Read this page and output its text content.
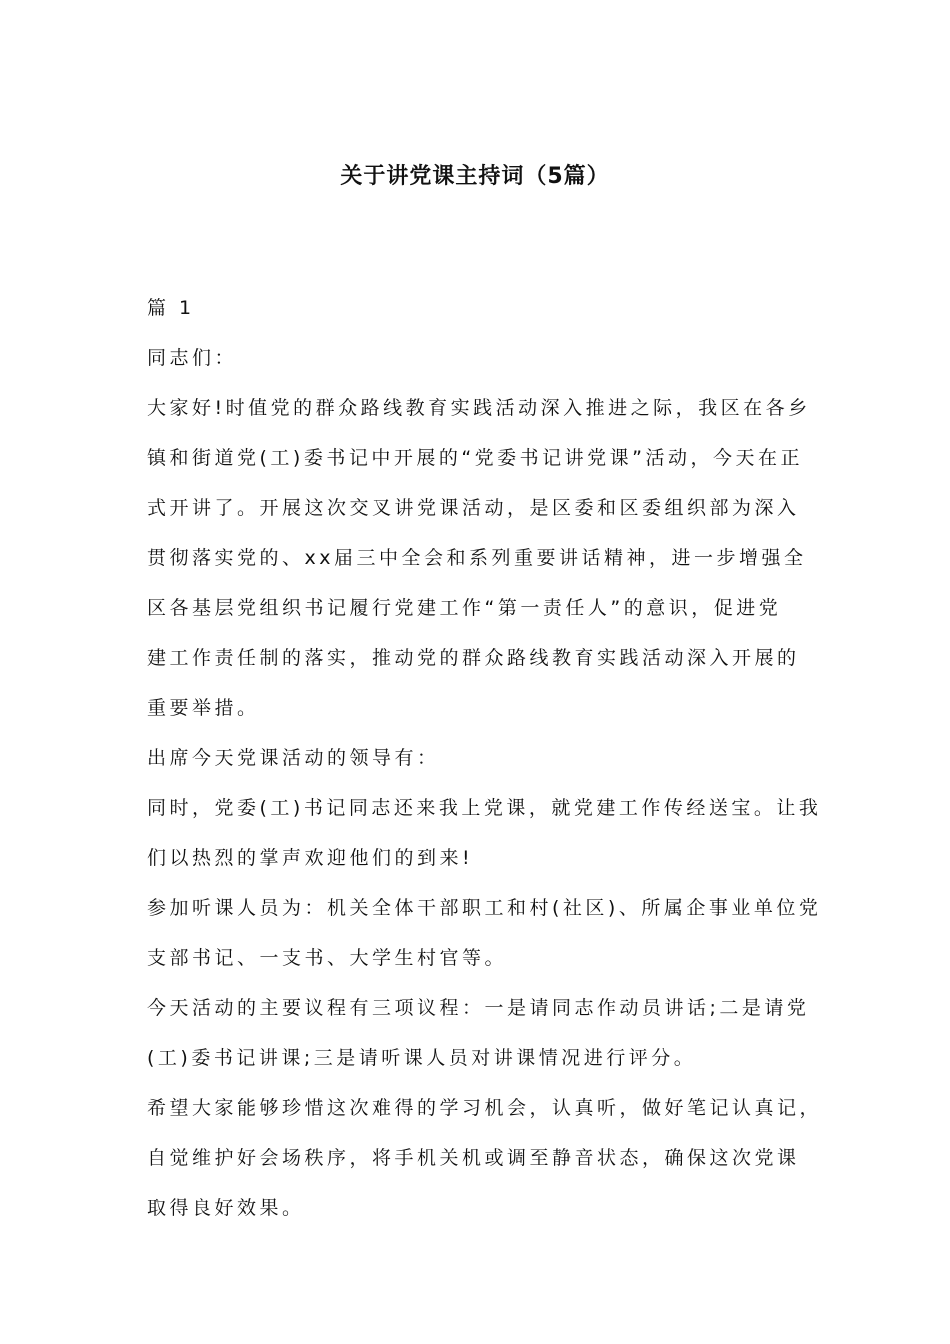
关于讲党课主持词（5篇）
篇 1
同志们：
大家好!时值党的群众路线教育实践活动深入推进之际，我区在各乡
镇和街道党(工)委书记中开展的“党委书记讲党课”活动，今天在正
式开讲了。开展这次交叉讲党课活动，是区委和区委组织部为深入
贯彻落实党的、xx届三中全会和系列重要讲话精神，进一步增强全
区各基层党组织书记履行党建工作“第一责任人”的意识，促进党
建工作责任制的落实，推动党的群众路线教育实践活动深入开展的
重要举措。
出席今天党课活动的领导有：
同时，党委(工)书记同志还来我上党课，就党建工作传经送宝。让我
们以热烈的掌声欢迎他们的到来!
参加听课人员为：机关全体干部职工和村(社区)、所属企事业单位党
支部书记、一支书、大学生村官等。
今天活动的主要议程有三项议程：一是请同志作动员讲话;二是请党
(工)委书记讲课;三是请听课人员对讲课情况进行评分。
希望大家能够珍惜这次难得的学习机会，认真听，做好笔记认真记，
自觉维护好会场秩序，将手机关机或调至静音状态，确保这次党课
取得良好效果。
